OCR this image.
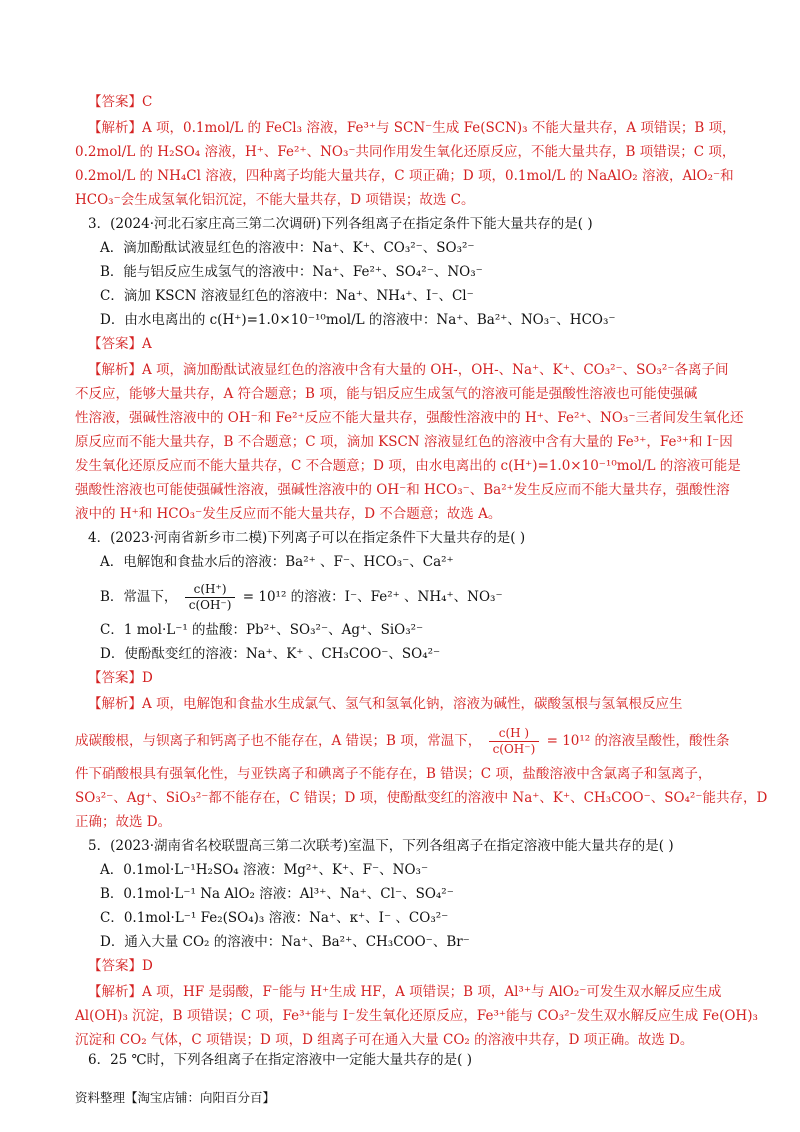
【答案】C
【解析】A 项，0.1mol/L 的 FeCl₃ 溶液，Fe³⁺与 SCN⁻生成 Fe(SCN)₃ 不能大量共存，A 项错误；B 项，
0.2mol/L 的 H₂SO₄ 溶液，H⁺、Fe²⁺、NO₃⁻共同作用发生氧化还原反应，不能大量共存，B 项错误；C 项，
0.2mol/L 的 NH₄Cl 溶液，四种离子均能大量共存，C 项正确；D 项，0.1mol/L 的 NaAlO₂ 溶液，AlO₂⁻和
HCO₃⁻会生成氢氧化铝沉淀，不能大量共存，D 项错误；故选 C。
3．(2024·河北石家庄高三第二次调研)下列各组离子在指定条件下能大量共存的是( )
A．滴加酚酞试液显红色的溶液中：Na⁺、K⁺、CO₃²⁻、SO₃²⁻
B．能与铝反应生成氢气的溶液中：Na⁺、Fe²⁺、SO₄²⁻、NO₃⁻
C．滴加 KSCN 溶液显红色的溶液中：Na⁺、NH₄⁺、I⁻、Cl⁻
D．由水电离出的 c(H⁺)=1.0×10⁻¹⁰mol/L 的溶液中：Na⁺、Ba²⁺、NO₃⁻、HCO₃⁻
【答案】A
【解析】A 项，滴加酚酞试液显红色的溶液中含有大量的 OH-，OH-、Na⁺、K⁺、CO₃²⁻、SO₃²⁻各离子间
不反应，能够大量共存，A 符合题意；B 项，能与铝反应生成氢气的溶液可能是强酸性溶液也可能使强碱
性溶液，强碱性溶液中的 OH⁻和 Fe²⁺反应不能大量共存，强酸性溶液中的 H⁺、Fe²⁺、NO₃⁻三者间发生氧化还
原反应而不能大量共存，B 不合题意；C 项，滴加 KSCN 溶液显红色的溶液中含有大量的 Fe³⁺，Fe³⁺和 I⁻因
发生氧化还原反应而不能大量共存，C 不合题意；D 项，由水电离出的 c(H⁺)=1.0×10⁻¹⁰mol/L 的溶液可能是
强酸性溶液也可能使强碱性溶液，强碱性溶液中的 OH⁻和 HCO₃⁻、Ba²⁺发生反应而不能大量共存，强酸性溶
液中的 H⁺和 HCO₃⁻发生反应而不能大量共存，D 不合题意；故选 A。
4．(2023·河南省新乡市二模)下列离子可以在指定条件下大量共存的是( )
A．电解饱和食盐水后的溶液：Ba²⁺ 、F⁻、HCO₃⁻、Ca²⁺
B．常温下， $\frac{c(H^+)}{c(OH^-)} = 10^{12}$ 的溶液：I⁻、Fe²⁺ 、NH₄⁺、NO₃⁻
C．1 mol·L⁻¹ 的盐酸：Pb²⁺、SO₃²⁻、Ag⁺、SiO₃²⁻
D．使酚酞变红的溶液：Na⁺、K⁺ 、CH₃COO⁻、SO₄²⁻
【答案】D
【解析】A 项，电解饱和食盐水生成氯气、氢气和氢氧化钠，溶液为碱性，碳酸氢根与氢氧根反应生
成碳酸根，与钡离子和钙离子也不能存在，A 错误；B 项，常温下， $\frac{c(H )}{c(OH^-)} = 10^{12}$ 的溶液呈酸性，酸性条
件下硝酸根具有强氧化性，与亚铁离子和碘离子不能存在，B 错误；C 项，盐酸溶液中含氯离子和氢离子，
SO₃²⁻、Ag⁺、SiO₃²⁻都不能存在，C 错误；D 项，使酚酞变红的溶液中 Na⁺、K⁺、CH₃COO⁻、SO₄²⁻能共存，D
正确；故选 D。
5．(2023·湖南省名校联盟高三第二次联考)室温下，下列各组离子在指定溶液中能大量共存的是( )
A．0.1mol·L⁻¹H₂SO₄ 溶液：Mg²⁺、K⁺、F⁻、NO₃⁻
B．0.1mol·L⁻¹ Na AlO₂ 溶液：Al³⁺、Na⁺、Cl⁻、SO₄²⁻
C．0.1mol·L⁻¹ Fe₂(SO₄)₃ 溶液：Na⁺、κ⁺、I⁻ 、CO₃²⁻
D．通入大量 CO₂ 的溶液中：Na⁺、Ba²⁺、CH₃COO⁻、Br⁻
【答案】D
【解析】A 项，HF 是弱酸，F⁻能与 H⁺生成 HF，A 项错误；B 项，Al³⁺与 AlO₂⁻可发生双水解反应生成
Al(OH)₃ 沉淀，B 项错误；C 项，Fe³⁺能与 I⁻发生氧化还原反应，Fe³⁺能与 CO₃²⁻发生双水解反应生成 Fe(OH)₃
沉淀和 CO₂ 气体，C 项错误；D 项，D 组离子可在通入大量 CO₂ 的溶液中共存，D 项正确。故选 D。
6．25 ℃时，下列各组离子在指定溶液中一定能大量共存的是( )
资料整理【淘宝店铺：向阳百分百】
